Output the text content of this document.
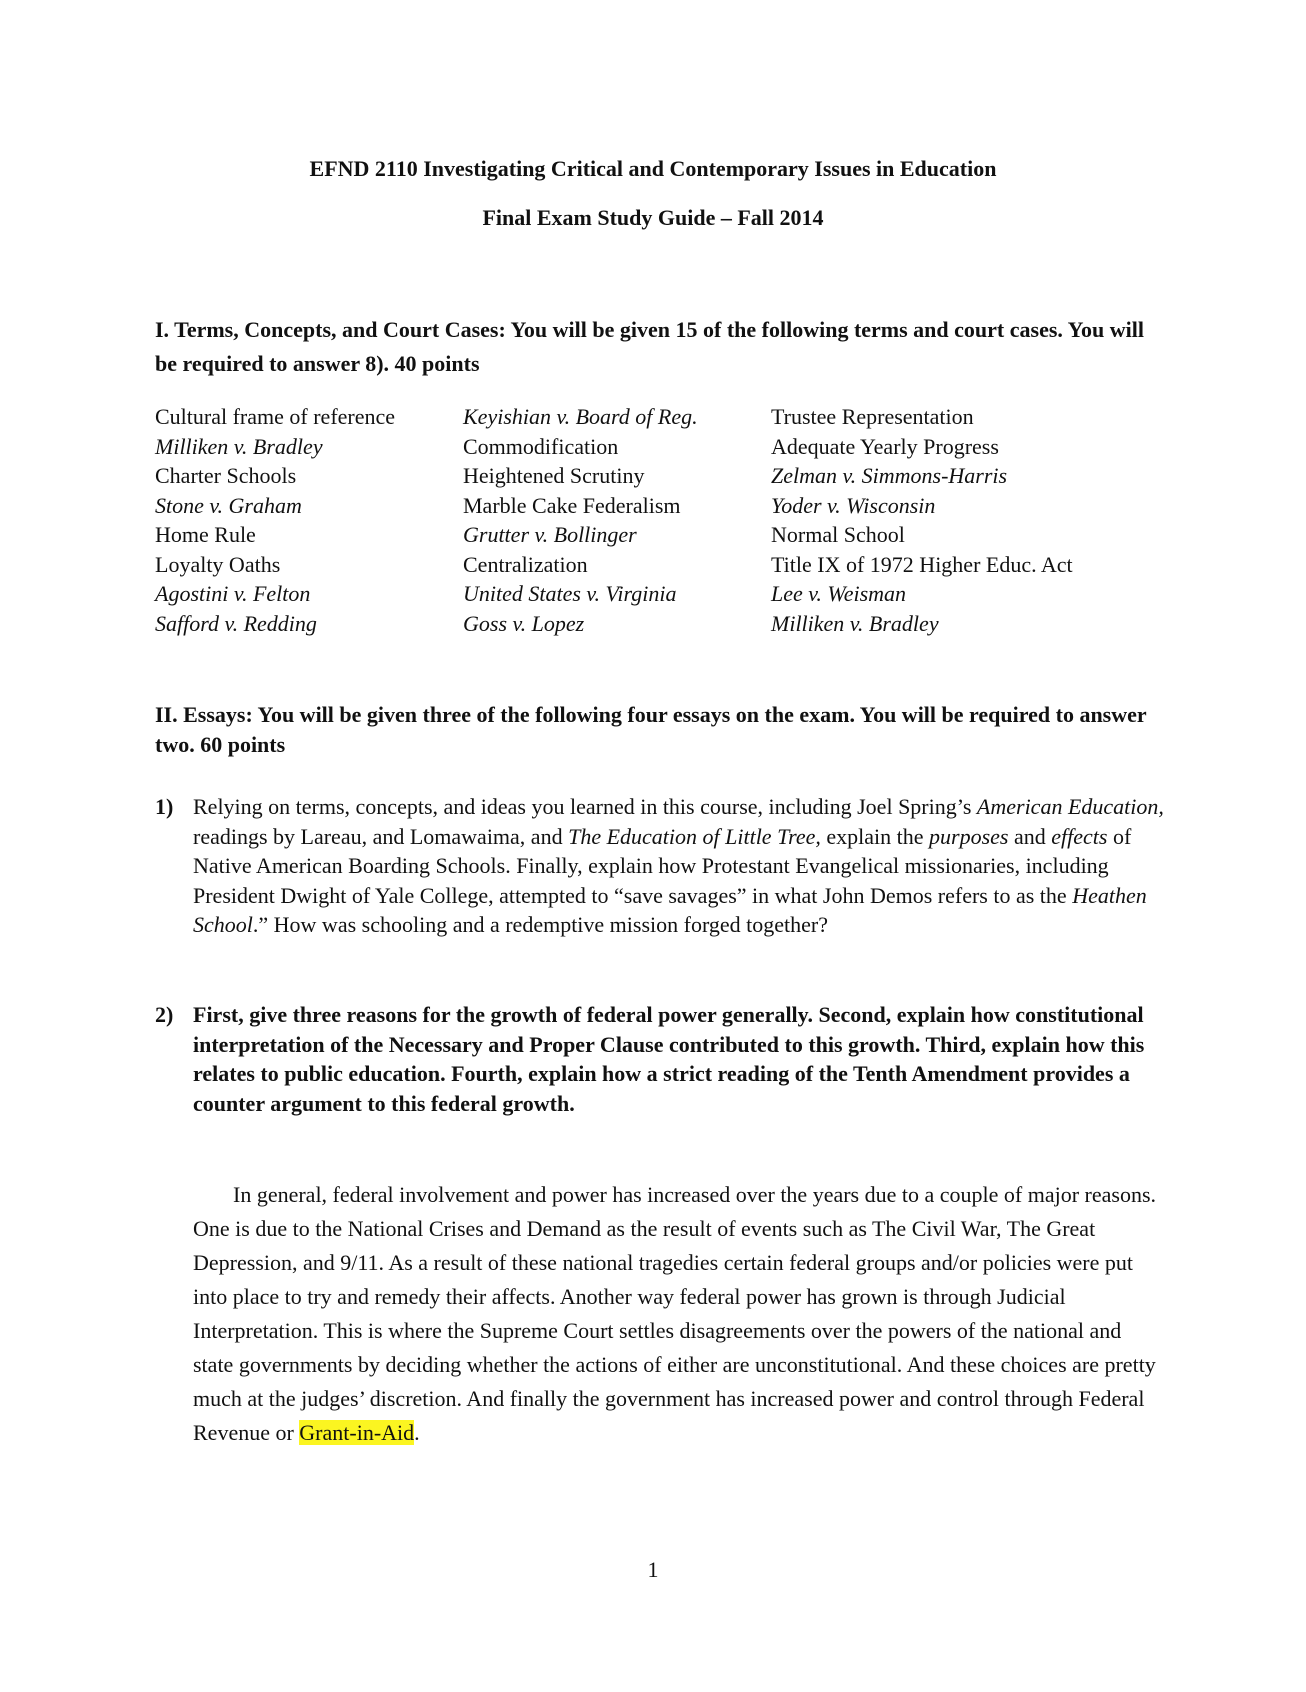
EFND 2110 Investigating Critical and Contemporary Issues in Education
Final Exam Study Guide – Fall 2014
I. Terms, Concepts, and Court Cases: You will be given 15 of the following terms and court cases. You will be required to answer 8). 40 points
Cultural frame of reference	Keyishian v. Board of Reg.	Trustee Representation
Milliken v. Bradley	Commodification	Adequate Yearly Progress
Charter Schools	Heightened Scrutiny	Zelman v. Simmons-Harris
Stone v. Graham	Marble Cake Federalism	Yoder v. Wisconsin
Home Rule	Grutter v. Bollinger	Normal School
Loyalty Oaths	Centralization	Title IX of 1972 Higher Educ. Act
Agostini v. Felton	United States v. Virginia	Lee v. Weisman
Safford v. Redding	Goss v. Lopez	Milliken v. Bradley
II. Essays: You will be given three of the following four essays on the exam. You will be required to answer two. 60 points
1) Relying on terms, concepts, and ideas you learned in this course, including Joel Spring’s American Education, readings by Lareau, and Lomawaima, and The Education of Little Tree, explain the purposes and effects of Native American Boarding Schools. Finally, explain how Protestant Evangelical missionaries, including President Dwight of Yale College, attempted to “save savages” in what John Demos refers to as the Heathen School.” How was schooling and a redemptive mission forged together?
2) First, give three reasons for the growth of federal power generally. Second, explain how constitutional interpretation of the Necessary and Proper Clause contributed to this growth. Third, explain how this relates to public education. Fourth, explain how a strict reading of the Tenth Amendment provides a counter argument to this federal growth.
In general, federal involvement and power has increased over the years due to a couple of major reasons. One is due to the National Crises and Demand as the result of events such as The Civil War, The Great Depression, and 9/11. As a result of these national tragedies certain federal groups and/or policies were put into place to try and remedy their affects. Another way federal power has grown is through Judicial Interpretation. This is where the Supreme Court settles disagreements over the powers of the national and state governments by deciding whether the actions of either are unconstitutional. And these choices are pretty much at the judges’ discretion. And finally the government has increased power and control through Federal Revenue or Grant-in-Aid.
1
